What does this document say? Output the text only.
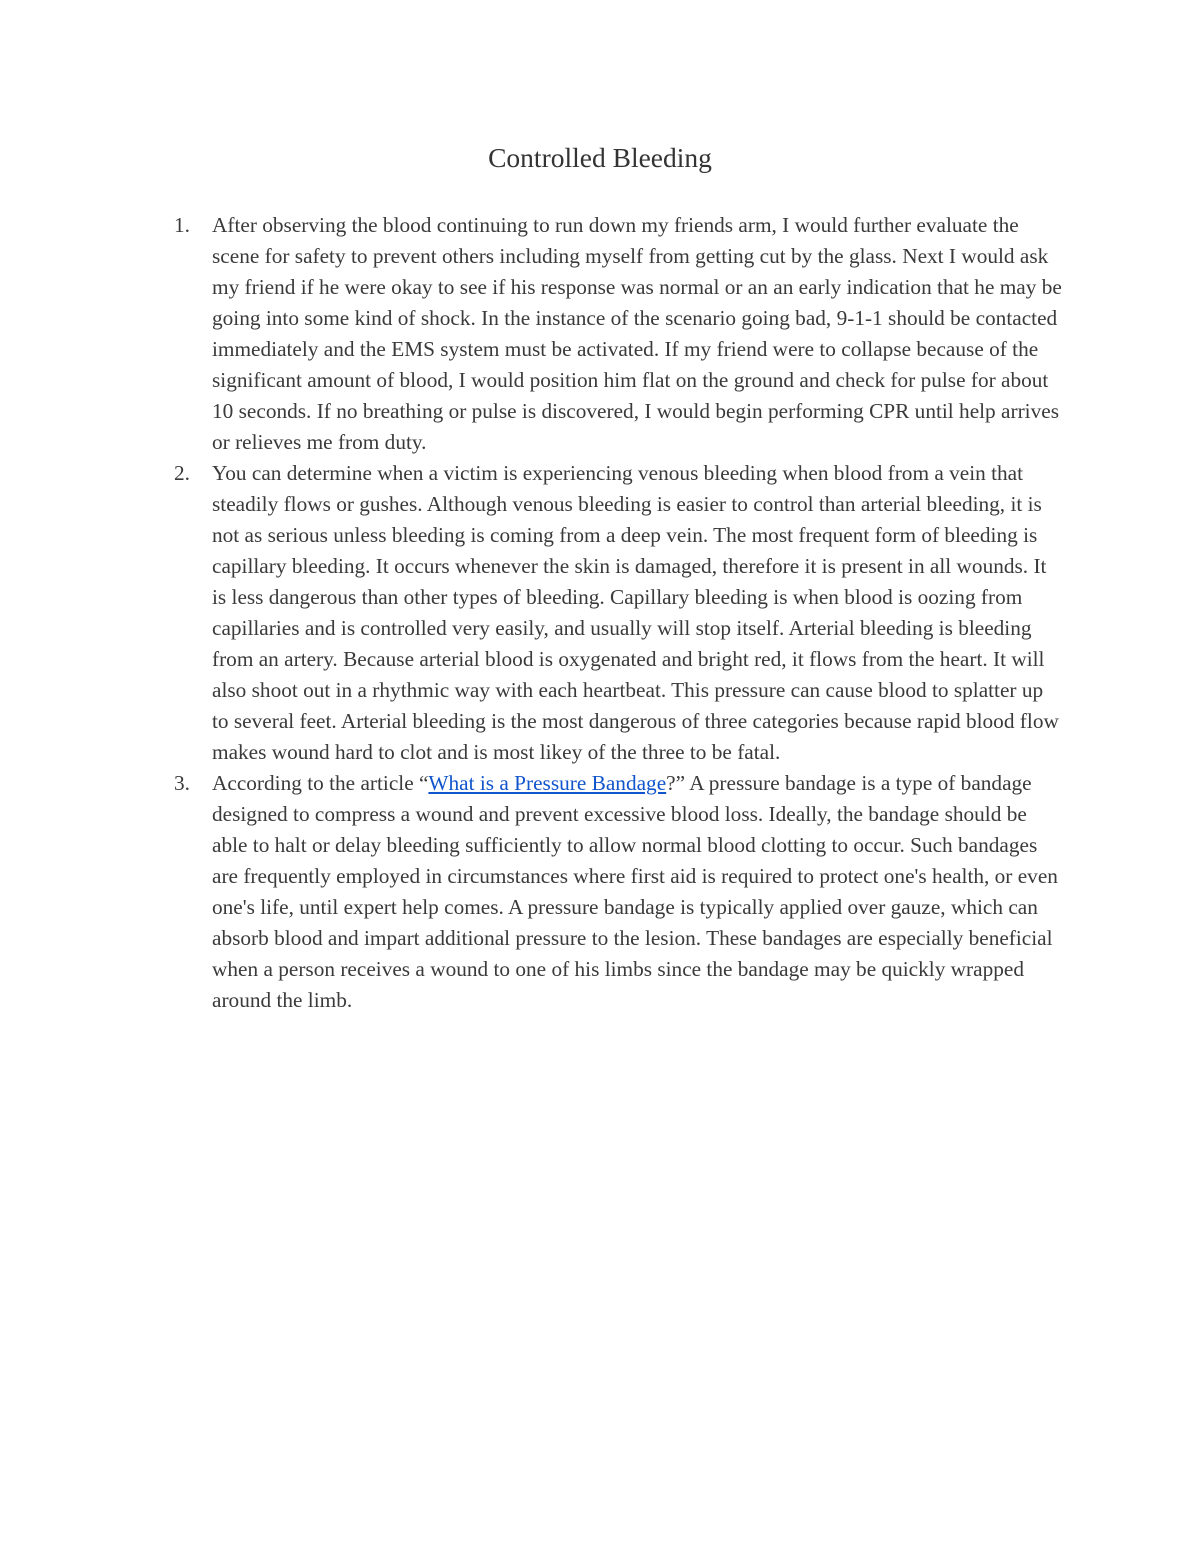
Controlled Bleeding
1. After observing the blood continuing to run down my friends arm, I would further evaluate the scene for safety to prevent others including myself from getting cut by the glass. Next I would ask my friend if he were okay to see if his response was normal or an an early indication that he may be going into some kind of shock. In the instance of the scenario going bad, 9-1-1 should be contacted immediately and the EMS system must be activated. If my friend were to collapse because of the significant amount of blood, I would position him flat on the ground and check for pulse for about 10 seconds. If no breathing or pulse is discovered, I would begin performing CPR until help arrives or relieves me from duty.
2. You can determine when a victim is experiencing venous bleeding when blood from a vein that steadily flows or gushes. Although venous bleeding is easier to control than arterial bleeding, it is not as serious unless bleeding is coming from a deep vein. The most frequent form of bleeding is capillary bleeding. It occurs whenever the skin is damaged, therefore it is present in all wounds. It is less dangerous than other types of bleeding. Capillary bleeding is when blood is oozing from capillaries and is controlled very easily, and usually will stop itself. Arterial bleeding is bleeding from an artery. Because arterial blood is oxygenated and bright red, it flows from the heart. It will also shoot out in a rhythmic way with each heartbeat. This pressure can cause blood to splatter up to several feet. Arterial bleeding is the most dangerous of three categories because rapid blood flow makes wound hard to clot and is most likey of the three to be fatal.
3. According to the article “What is a Pressure Bandage?” A pressure bandage is a type of bandage designed to compress a wound and prevent excessive blood loss. Ideally, the bandage should be able to halt or delay bleeding sufficiently to allow normal blood clotting to occur. Such bandages are frequently employed in circumstances where first aid is required to protect one's health, or even one's life, until expert help comes. A pressure bandage is typically applied over gauze, which can absorb blood and impart additional pressure to the lesion. These bandages are especially beneficial when a person receives a wound to one of his limbs since the bandage may be quickly wrapped around the limb.
